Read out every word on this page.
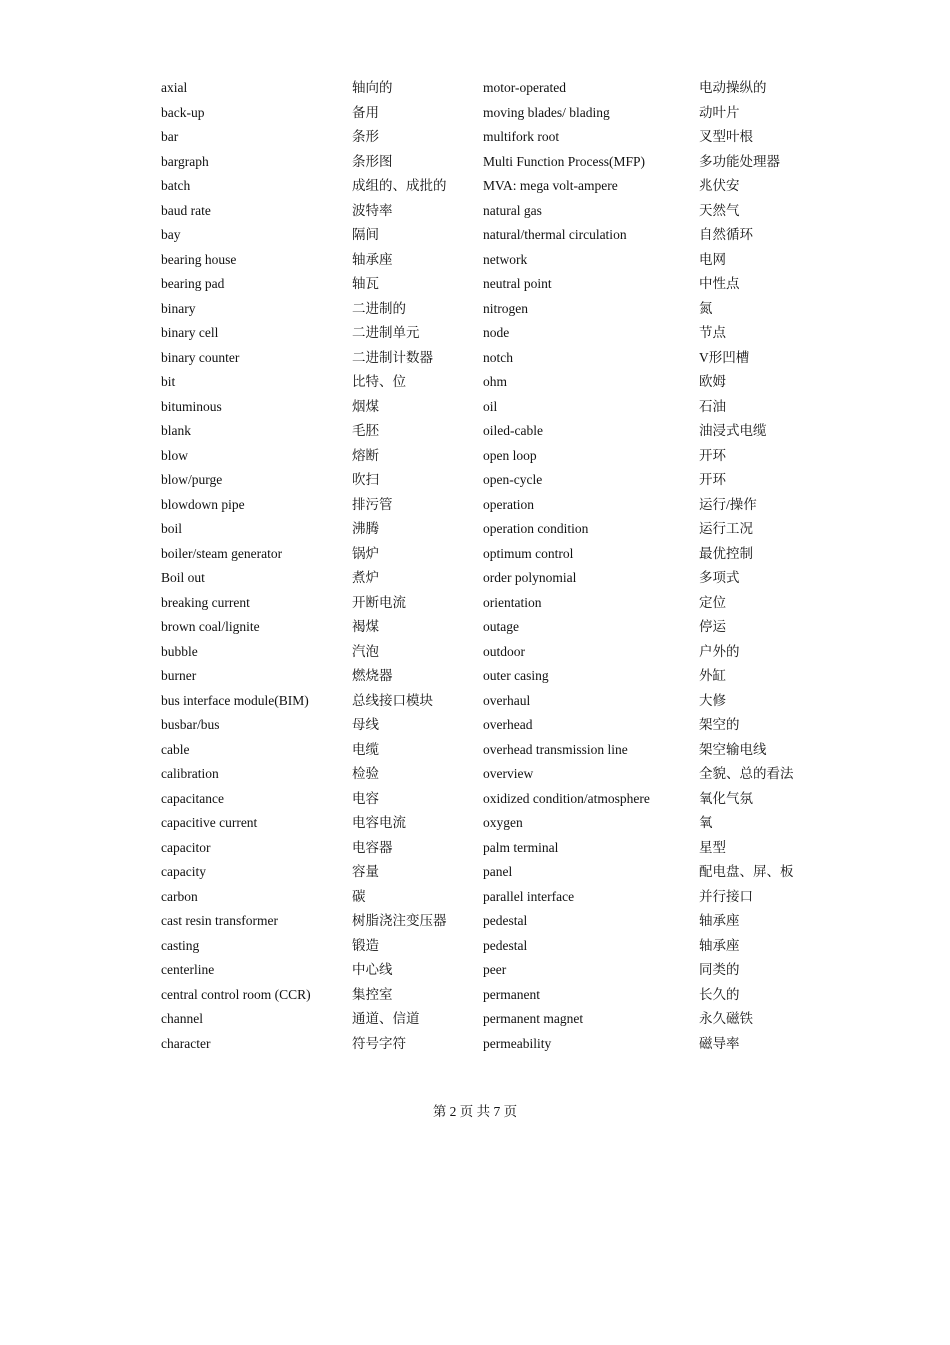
axial	轴向的	motor-operated	电动操纵的
back-up	备用	moving blades/ blading	动叶片
bar	条形	multifork root	叉型叶根
bargraph	条形图	Multi Function Process(MFP)	多功能处理器
batch	成组的、成批的	MVA: mega volt-ampere	兆伏安
baud rate	波特率	natural gas	天然气
bay	隔间	natural/thermal circulation	自然循环
bearing house	轴承座	network	电网
bearing pad	轴瓦	neutral point	中性点
binary	二进制的	nitrogen	氮
binary cell	二进制单元	node	节点
binary counter	二进制计数器	notch	V形凹槽
bit	比特、位	ohm	欧姆
bituminous	烟煤	oil	石油
blank	毛胚	oiled-cable	油浸式电缆
blow	熔断	open loop	开环
blow/purge	吹扫	open-cycle	开环
blowdown pipe	排污管	operation	运行/操作
boil	沸腾	operation condition	运行工况
boiler/steam generator	锅炉	optimum control	最优控制
Boil out	煮炉	order polynomial	多项式
breaking current	开断电流	orientation	定位
brown coal/lignite	褐煤	outage	停运
bubble	汽泡	outdoor	户外的
burner	燃烧器	outer casing	外缸
bus interface module(BIM)	总线接口模块	overhaul	大修
busbar/bus	母线	overhead	架空的
cable	电缆	overhead transmission line	架空输电线
calibration	检验	overview	全貌、总的看法
capacitance	电容	oxidized condition/atmosphere	氧化气氛
capacitive current	电容电流	oxygen	氧
capacitor	电容器	palm terminal	星型
capacity	容量	panel	配电盘、屏、板
carbon	碳	parallel interface	并行接口
cast resin transformer	树脂浇注变压器	pedestal	轴承座
casting	锻造	pedestal	轴承座
centerline	中心线	peer	同类的
central control room (CCR)	集控室	permanent	长久的
channel	通道、信道	permanent magnet	永久磁铁
character	符号字符	permeability	磁导率
第 2 页 共 7 页
